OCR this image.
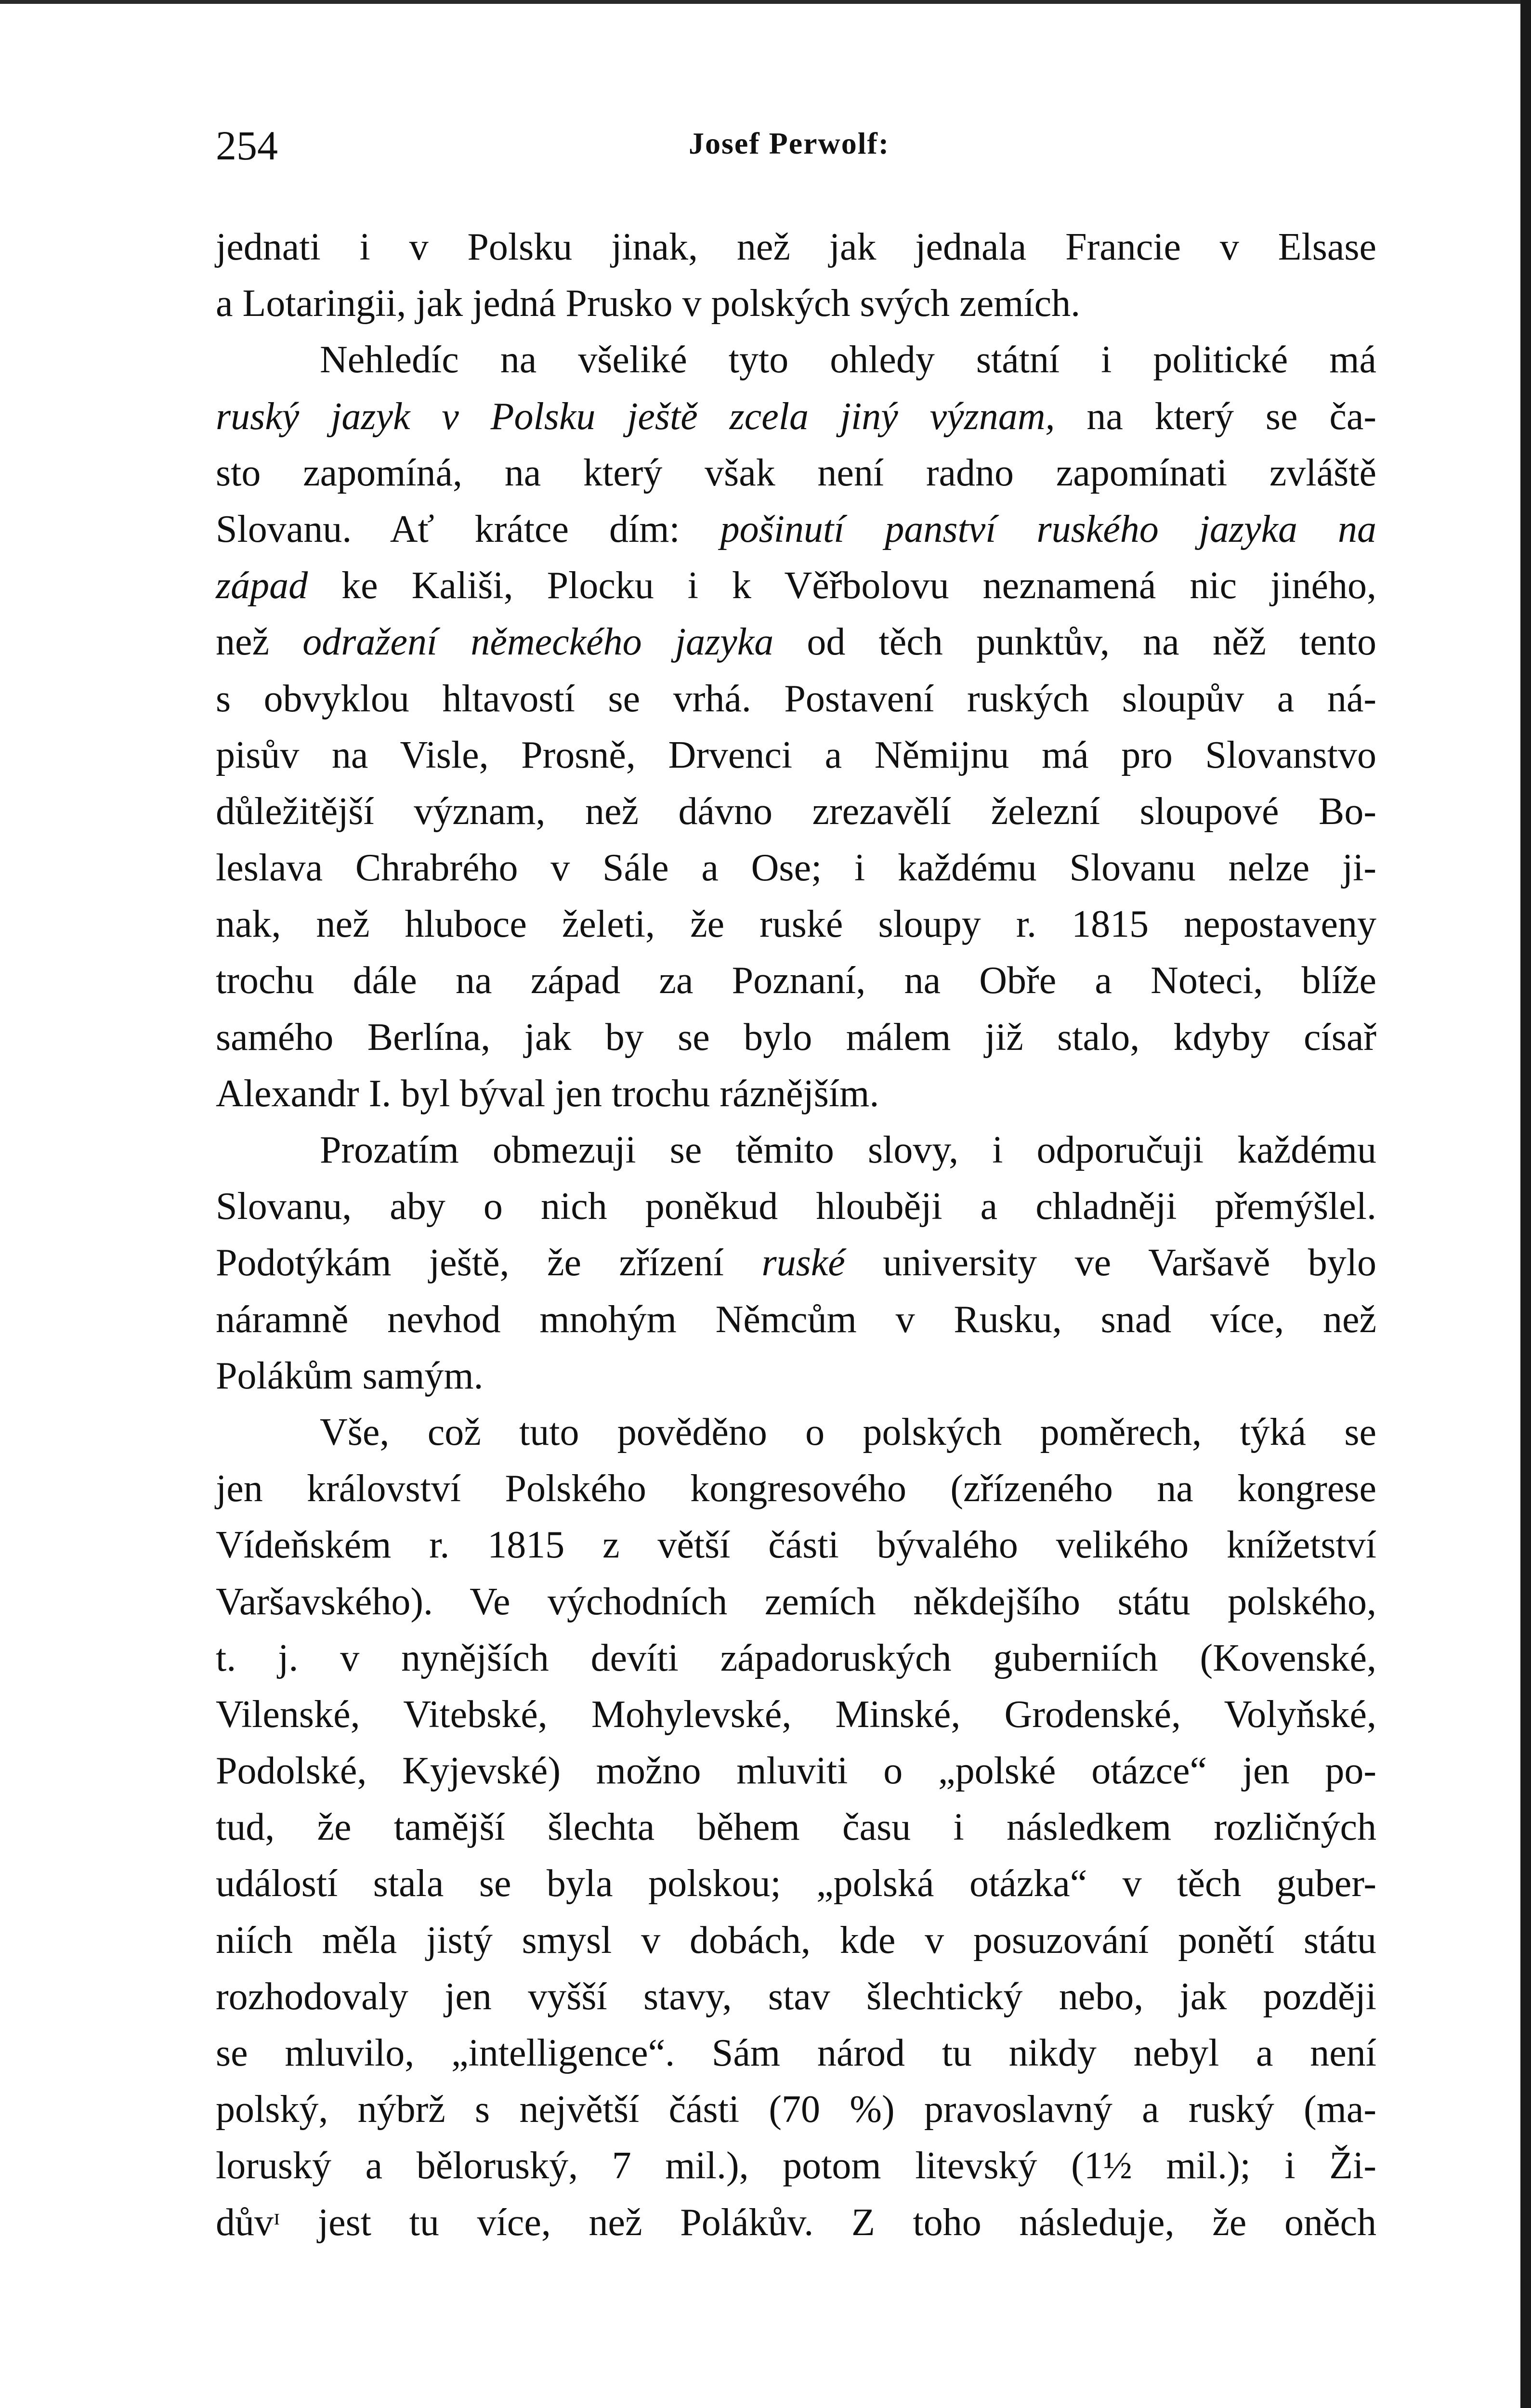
254	Josef Perwolf:
jednati i v Polsku jinak, než jak jednala Francie v Elsase
a Lotaringii, jak jedná Prusko v polských svých zemích.
Nehledíc na všeliké tyto ohledy státní i politické má
ruský jazyk v Polsku ještě zcela jiný význam, na který se ča-
sto zapomíná, na který však není radno zapomínati zvláště
Slovanu. Ať krátce dím: pošinutí panství ruského jazyka na
západ ke Kališi, Plocku i k Věřbolovu neznamená nic jiného,
než odražení německého jazyka od těch punktův, na něž tento
s obvyklou hltavostí se vrhá. Postavení ruských sloupův a ná-
pisův na Visle, Prosně, Drvenci a Němĳnu má pro Slovanstvo
důležitější význam, než dávno zrezavělí železní sloupové Bo-
leslava Chrabrého v Sále a Ose; i každému Slovanu nelze ji-
nak, než hluboce želeti, že ruské sloupy r. 1815 nepostaveny
trochu dále na západ za Poznaní, na Obře a Noteci, blíže
samého Berlína, jak by se bylo málem již stalo, kdyby císař
Alexandr I. byl býval jen trochu ráznějším.
Prozatím obmezuji se těmito slovy, i odporučuji každému
Slovanu, aby o nich poněkud hlouběji a chladněji přemýšlel.
Podotýkám ještě, že zřízení ruské university ve Varšavě bylo
náramně nevhod mnohým Němcům v Rusku, snad více, než
Polákům samým.
Vše, což tuto pověděno o polských poměrech, týká se
jen království Polského kongresového (zřízeného na kongrese
Vídeňském r. 1815 z větší části bývalého velikého knížetství
Varšavského). Ve východních zemích někdejšího státu polského,
t. j. v nynějších devíti západoruských guberniích (Kovenské,
Vilenské, Vitebské, Mohylevské, Minské, Grodenské, Volyňské,
Podolské, Kyjevské) možno mluviti o „polské otázce“ jen po-
tud, že tamější šlechta během času i následkem rozličných
událostí stala se byla polskou; „polská otázka“ v těch guber-
niích měla jistý smysl v dobách, kde v posuzování ponětí státu
rozhodovaly jen vyšší stavy, stav šlechtický nebo, jak později
se mluvilo, „intelligence“. Sám národ tu nikdy nebyl a není
polský, nýbrž s největší části (70 %) pravoslavný a ruský (ma-
loruský a běloruský, 7 mil.), potom litevský (1½ mil.); i Ži-
důvᶦ jest tu více, než Polákův. Z toho následuje, že oněch
